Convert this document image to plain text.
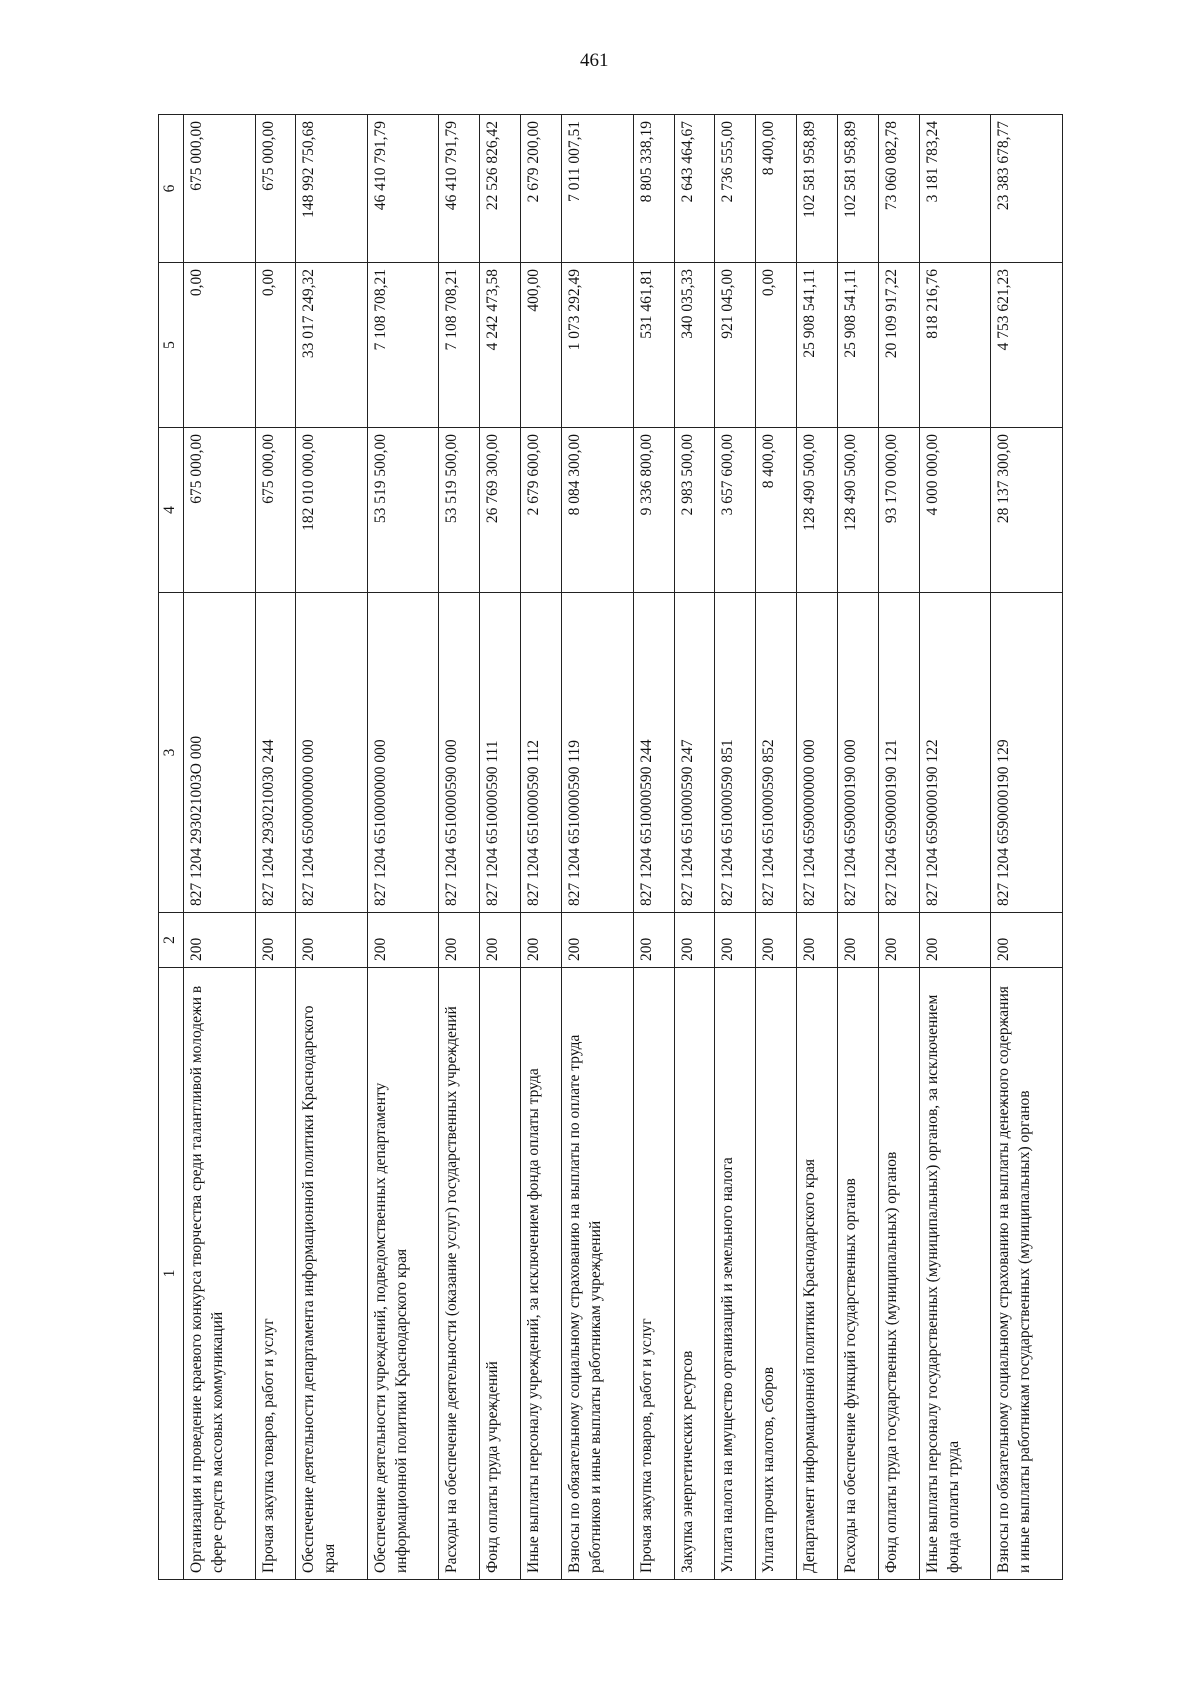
461
1	2	3	4	5	6
Организация и проведение краевого конкурса творчества среди талантливой молодежи в сфере средств массовых коммуникаций	200	827 1204 293021003О 000	675 000,00	0,00	675 000,00
Прочая закупка товаров, работ и услуг	200	827 1204 2930210030 244	675 000,00	0,00	675 000,00
Обеспечение деятельности департамента информационной политики Краснодарского края	200	827 1204 6500000000 000	182 010 000,00	33 017 249,32	148 992 750,68
Обеспечение деятельности учреждений, подведомственных департаменту информационной политики Краснодарского края	200	827 1204 6510000000 000	53 519 500,00	7 108 708,21	46 410 791,79
Расходы на обеспечение деятельности (оказание услуг) государственных учреждений	200	827 1204 6510000590 000	53 519 500,00	7 108 708,21	46 410 791,79
Фонд оплаты труда учреждений	200	827 1204 6510000590 111	26 769 300,00	4 242 473,58	22 526 826,42
Иные выплаты персоналу учреждений, за исключением фонда оплаты труда	200	827 1204 6510000590 112	2 679 600,00	400,00	2 679 200,00
Взносы по обязательному социальному страхованию на выплаты по оплате труда работников и иные выплаты работникам учреждений	200	827 1204 6510000590 119	8 084 300,00	1 073 292,49	7 011 007,51
Прочая закупка товаров, работ и услуг	200	827 1204 6510000590 244	9 336 800,00	531 461,81	8 805 338,19
Закупка энергетических ресурсов	200	827 1204 6510000590 247	2 983 500,00	340 035,33	2 643 464,67
Уплата налога на имущество организаций и земельного налога	200	827 1204 6510000590 851	3 657 600,00	921 045,00	2 736 555,00
Уплата прочих налогов, сборов	200	827 1204 6510000590 852	8 400,00	0,00	8 400,00
Департамент информационной политики Краснодарского края	200	827 1204 6590000000 000	128 490 500,00	25 908 541,11	102 581 958,89
Расходы на обеспечение функций государственных органов	200	827 1204 6590000190 000	128 490 500,00	25 908 541,11	102 581 958,89
Фонд оплаты труда государственных (муниципальных) органов	200	827 1204 6590000190 121	93 170 000,00	20 109 917,22	73 060 082,78
Иные выплаты персоналу государственных (муниципальных) органов, за исключением фонда оплаты труда	200	827 1204 6590000190 122	4 000 000,00	818 216,76	3 181 783,24
Взносы по обязательному социальному страхованию на выплаты денежного содержания и иные выплаты работникам государственных (муниципальных) органов	200	827 1204 6590000190 129	28 137 300,00	4 753 621,23	23 383 678,77
